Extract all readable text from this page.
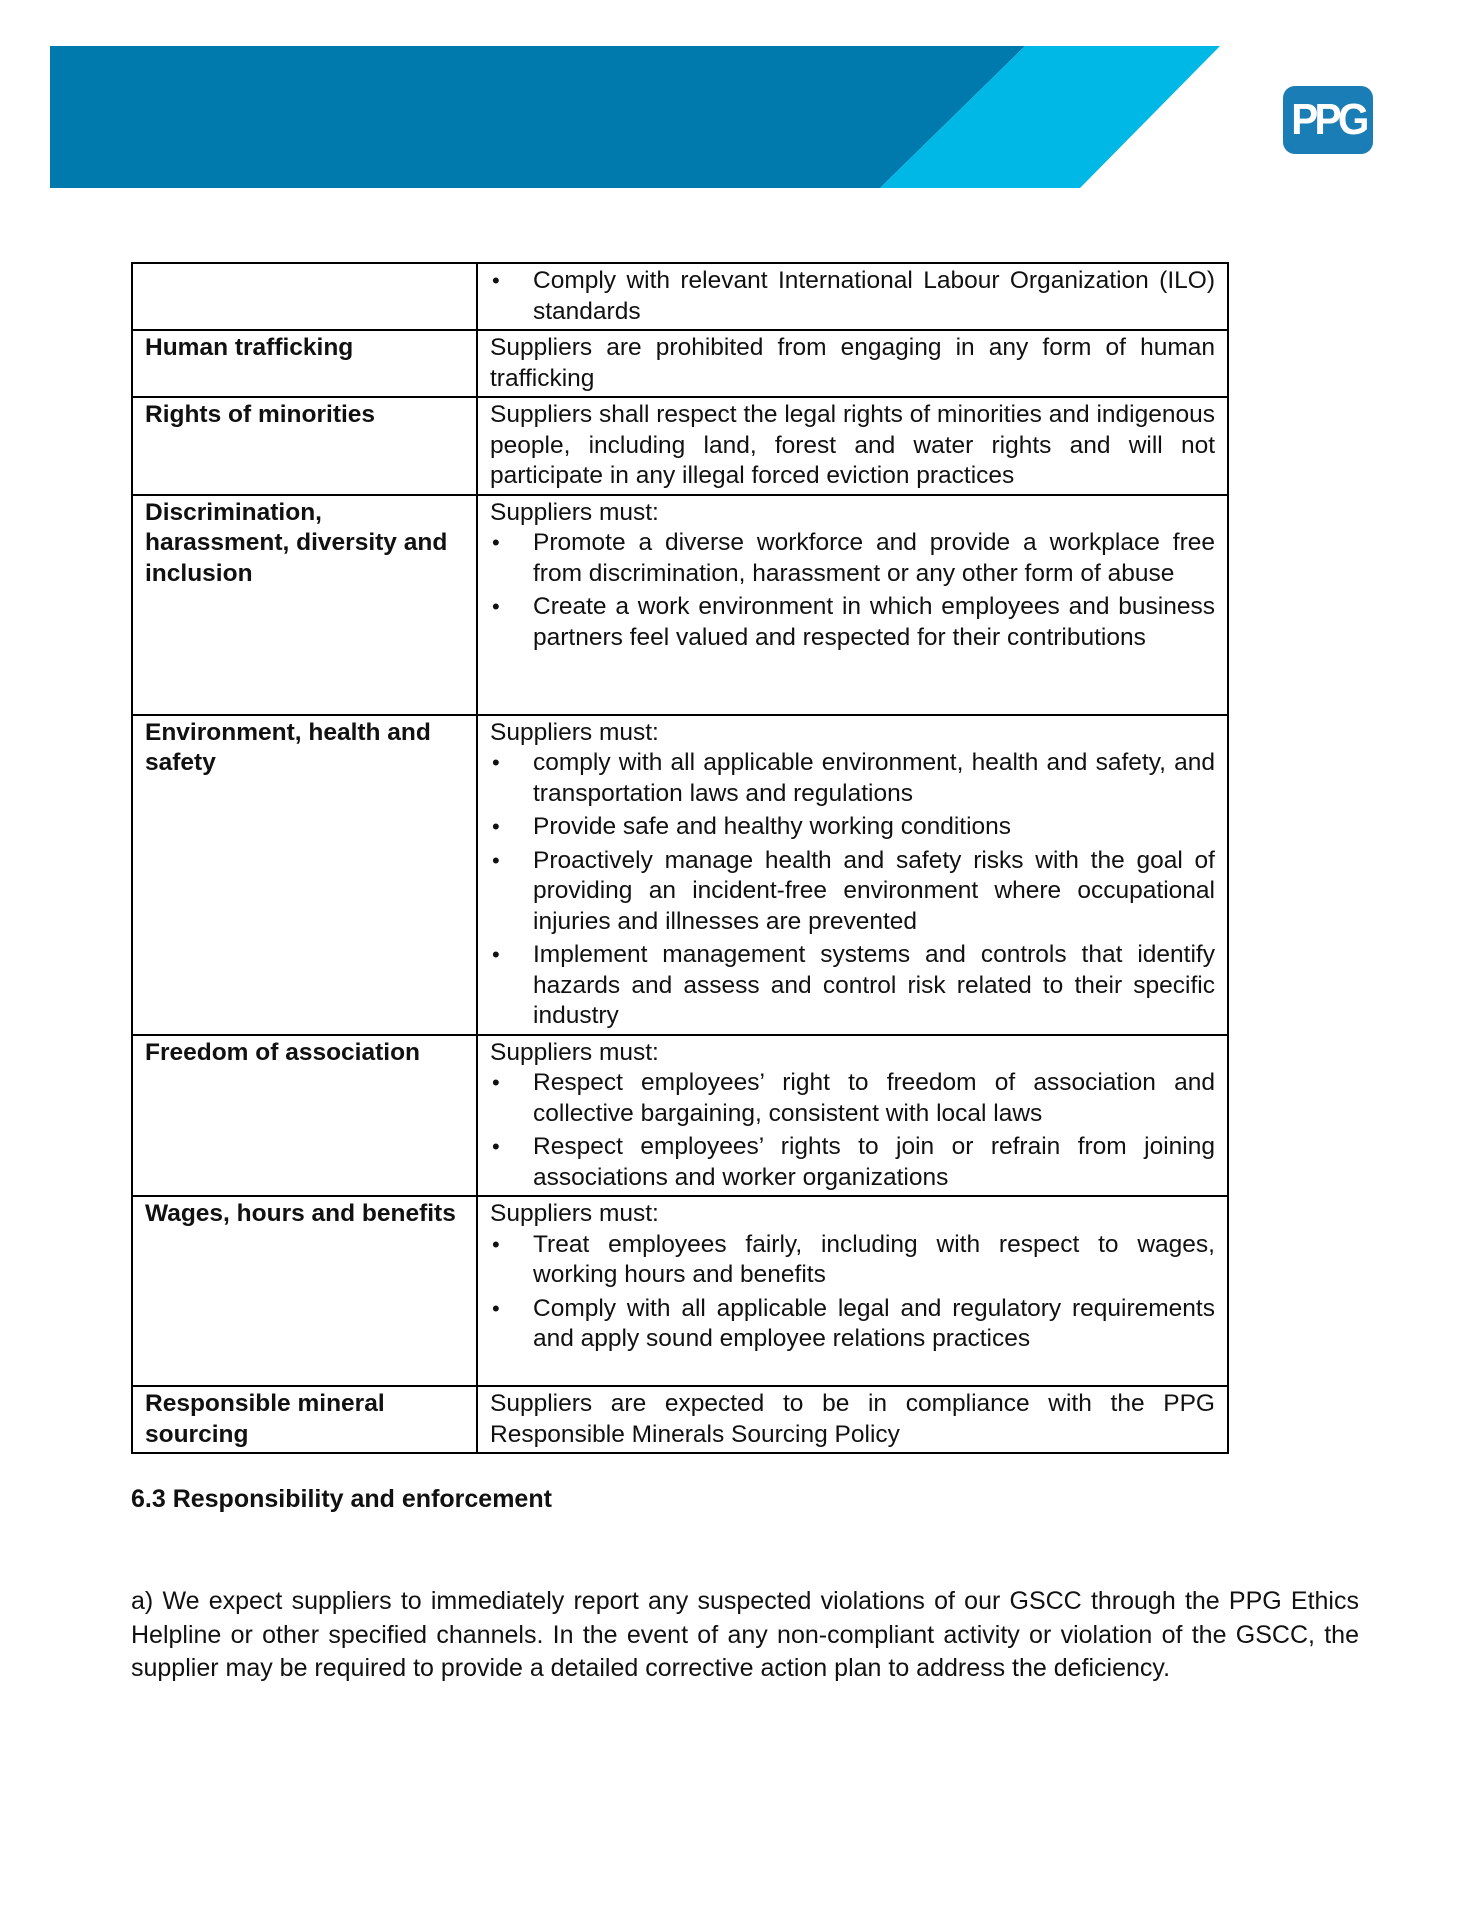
PPG

• Comply with relevant International Labour Organization (ILO) standards

Human trafficking	Suppliers are prohibited from engaging in any form of human trafficking

Rights of minorities	Suppliers shall respect the legal rights of minorities and indigenous people, including land, forest and water rights and will not participate in any illegal forced eviction practices

Discrimination, harassment, diversity and inclusion	
Suppliers must:
• Promote a diverse workforce and provide a workplace free from discrimination, harassment or any other form of abuse
• Create a work environment in which employees and business partners feel valued and respected for their contributions

Environment, health and safety	
Suppliers must:
• comply with all applicable environment, health and safety, and transportation laws and regulations
• Provide safe and healthy working conditions
• Proactively manage health and safety risks with the goal of providing an incident-free environment where occupational injuries and illnesses are prevented
• Implement management systems and controls that identify hazards and assess and control risk related to their specific industry

Freedom of association	Suppliers must:
• Respect employees’ right to freedom of association and collective bargaining, consistent with local laws
• Respect employees’ rights to join or refrain from joining associations and worker organizations

Wages, hours and benefits	Suppliers must:
• Treat employees fairly, including with respect to wages, working hours and benefits
• Comply with all applicable legal and regulatory requirements and apply sound employee relations practices

Responsible mineral sourcing	Suppliers are expected to be in compliance with the PPG Responsible Minerals Sourcing Policy
6.3 Responsibility and enforcement

a) We expect suppliers to immediately report any suspected violations of our GSCC through the PPG Ethics Helpline or other specified channels. In the event of any non-compliant activity or violation of the GSCC, the supplier may be required to provide a detailed corrective action plan to address the deficiency.
